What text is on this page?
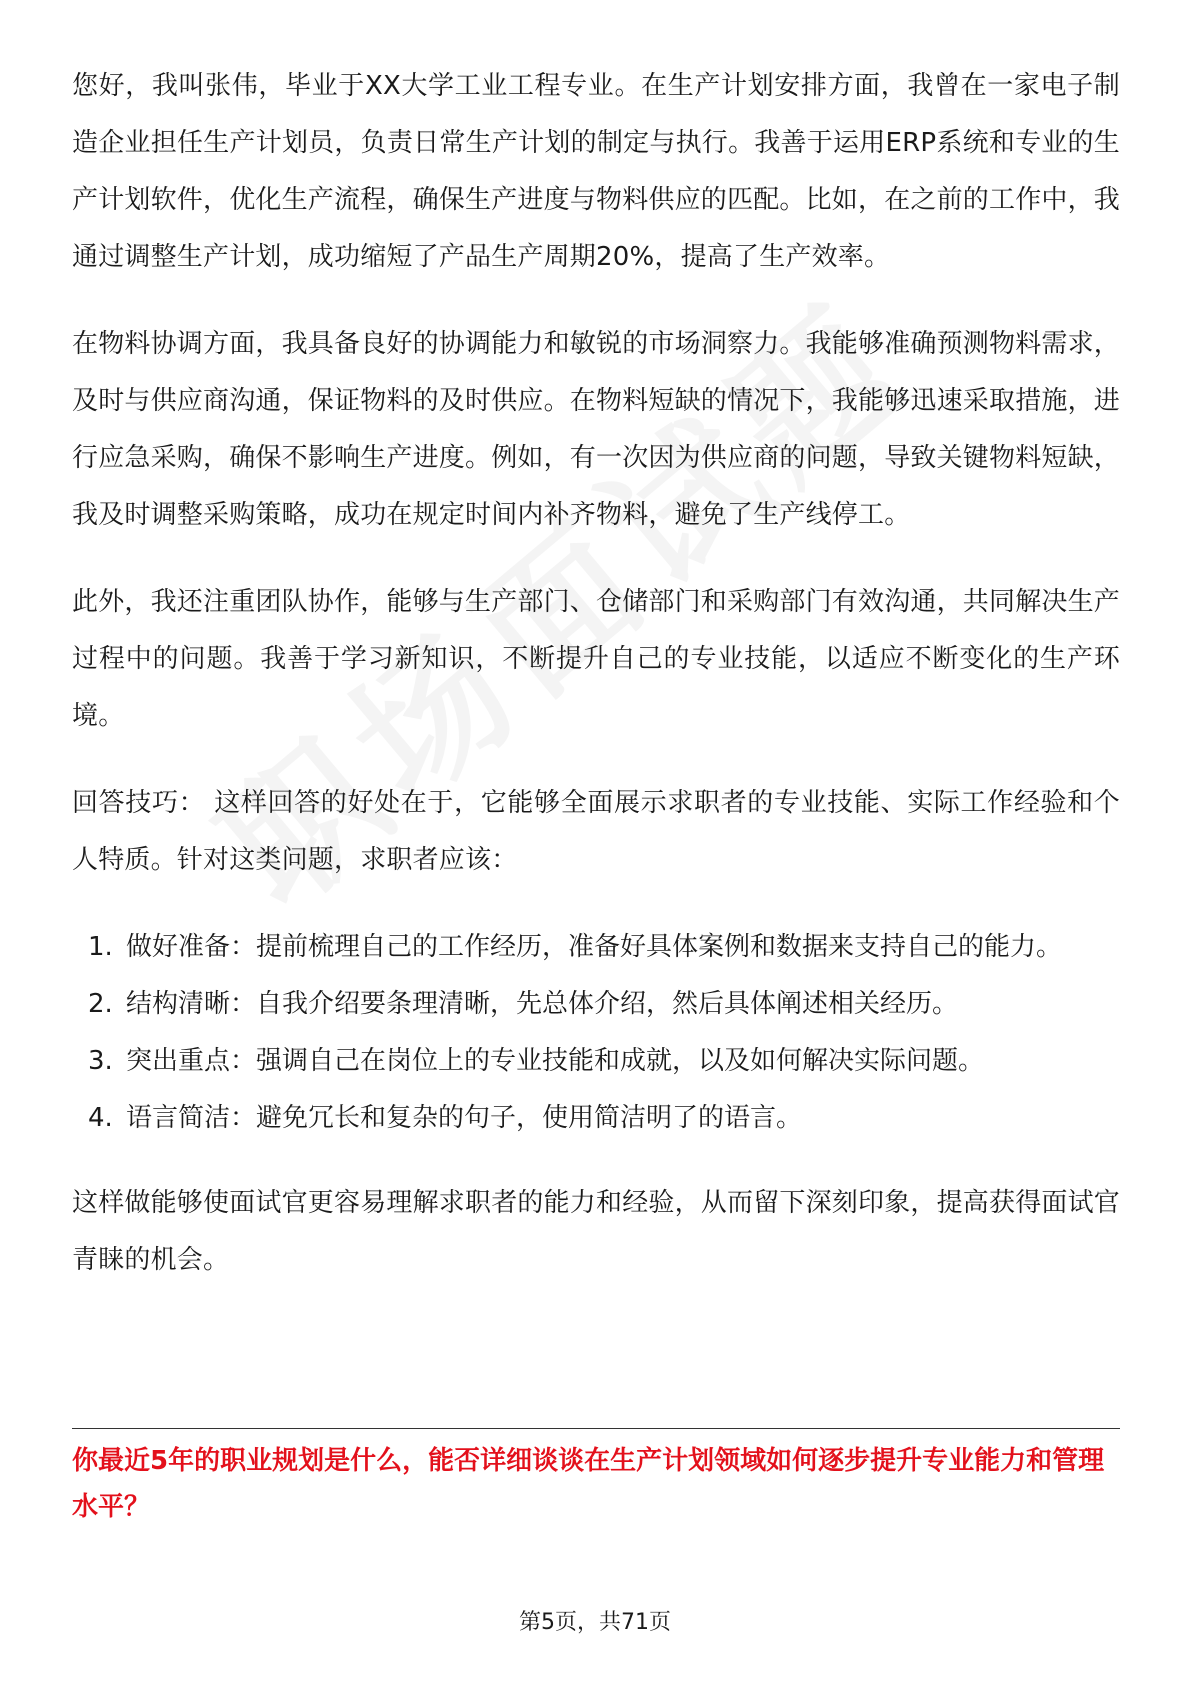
您好，我叫张伟，毕业于XX大学工业工程专业。在生产计划安排方面，我曾在一家电子制造企业担任生产计划员，负责日常生产计划的制定与执行。我善于运用ERP系统和专业的生产计划软件，优化生产流程，确保生产进度与物料供应的匹配。比如，在之前的工作中，我通过调整生产计划，成功缩短了产品生产周期20%，提高了生产效率。

在物料协调方面，我具备良好的协调能力和敏锐的市场洞察力。我能够准确预测物料需求，及时与供应商沟通，保证物料的及时供应。在物料短缺的情况下，我能够迅速采取措施，进行应急采购，确保不影响生产进度。例如，有一次因为供应商的问题，导致关键物料短缺，我及时调整采购策略，成功在规定时间内补齐物料，避免了生产线停工。

此外，我还注重团队协作，能够与生产部门、仓储部门和采购部门有效沟通，共同解决生产过程中的问题。我善于学习新知识，不断提升自己的专业技能，以适应不断变化的生产环境。

回答技巧： 这样回答的好处在于，它能够全面展示求职者的专业技能、实际工作经验和个人特质。针对这类问题，求职者应该：

1. 做好准备：提前梳理自己的工作经历，准备好具体案例和数据来支持自己的能力。
2. 结构清晰：自我介绍要条理清晰，先总体介绍，然后具体阐述相关经历。
3. 突出重点：强调自己在岗位上的专业技能和成就，以及如何解决实际问题。
4. 语言简洁：避免冗长和复杂的句子，使用简洁明了的语言。

这样做能够使面试官更容易理解求职者的能力和经验，从而留下深刻印象，提高获得面试官青睐的机会。

你最近5年的职业规划是什么，能否详细谈谈在生产计划领域如何逐步提升专业能力和管理水平？

第5页，共71页
